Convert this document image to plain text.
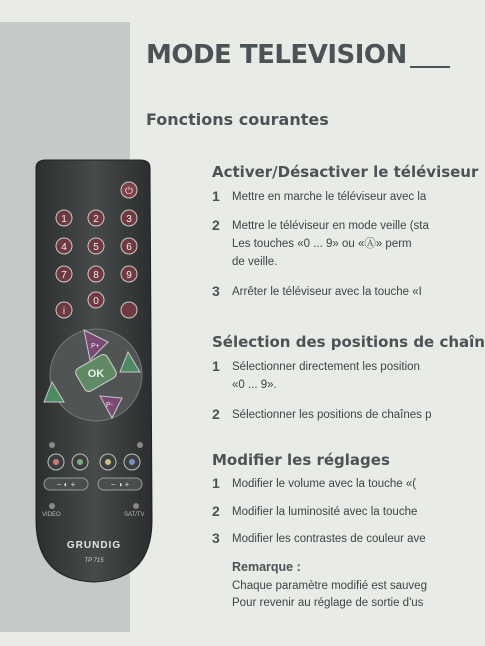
⏻
1	2	3
4	5	6
7	8	9
0
i
P+
P-
OK
− ◐ +	− ◑ +
VIDEO	SAT/TV
GRUNDIG
TP 715
MODE TELEVISION
Fonctions courantes
Activer/Désactiver le téléviseur
1 Mettre en marche le téléviseur avec la
2 Mettre le téléviseur en mode veille (sta
Les touches «0 ... 9» ou «Ⓐ» perm
de veille.
3 Arrêter le téléviseur avec la touche «I
Sélection des positions de chaîn
1 Sélectionner directement les position
«0 ... 9».
2 Sélectionner les positions de chaînes p
Modifier les réglages
1 Modifier le volume avec la touche «(
2 Modifier la luminosité avec la touche
3 Modifier les contrastes de couleur ave
Remarque :
Chaque paramètre modifié est sauveg
Pour revenir au réglage de sortie d'us
